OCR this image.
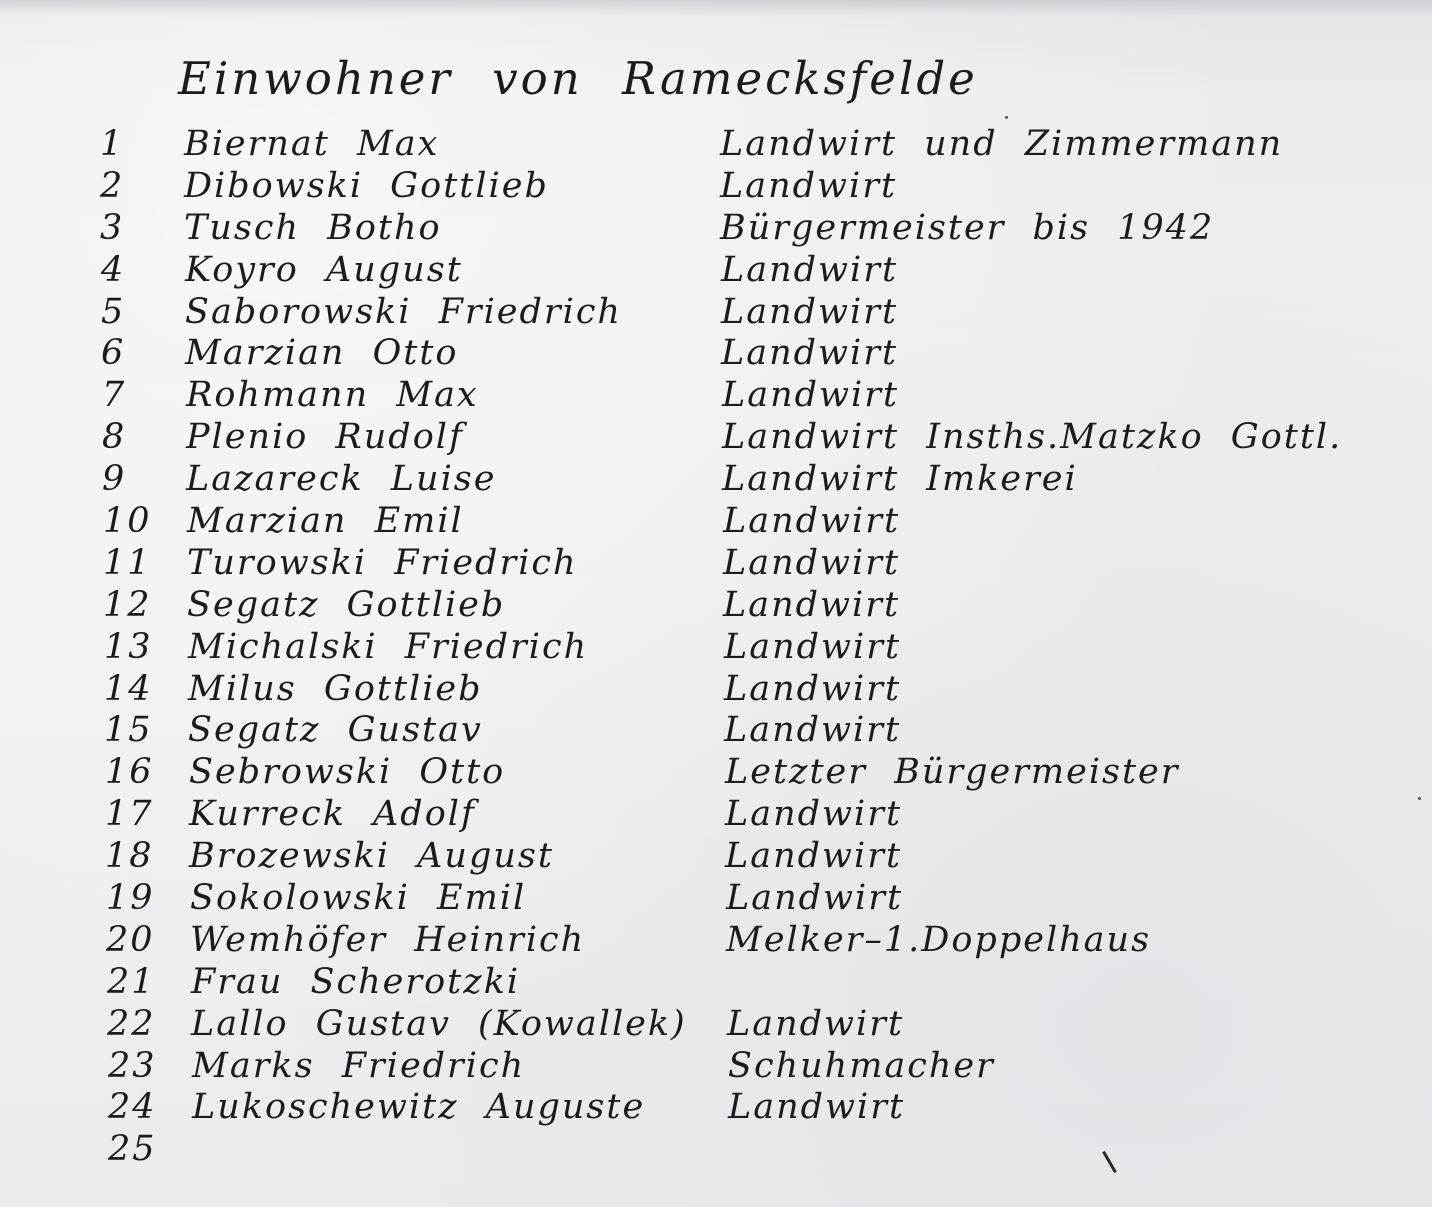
Einwohner von Ramecksfelde
1 Biernat Max	Landwirt und Zimmermann
2 Dibowski Gottlieb	Landwirt
3 Tusch Botho	Bürgermeister bis 1942
4 Koyro August	Landwirt
5 Saborowski Friedrich	Landwirt
6 Marzian Otto	Landwirt
7 Rohmann Max	Landwirt
8 Plenio Rudolf	Landwirt Insths.Matzko Gottl.
9 Lazareck Luise	Landwirt Imkerei
10 Marzian Emil	Landwirt
11 Turowski Friedrich	Landwirt
12 Segatz Gottlieb	Landwirt
13 Michalski Friedrich	Landwirt
14 Milus Gottlieb	Landwirt
15 Segatz Gustav	Landwirt
16 Sebrowski Otto	Letzter Bürgermeister
17 Kurreck Adolf	Landwirt
18 Brozewski August	Landwirt
19 Sokolowski Emil	Landwirt
20 Wemhöfer Heinrich	Melker–1.Doppelhaus
21 Frau Scherotzki
22 Lallo Gustav (Kowallek) Landwirt
23 Marks Friedrich	Schuhmacher
24 Lukoschewitz Auguste Landwirt
25
